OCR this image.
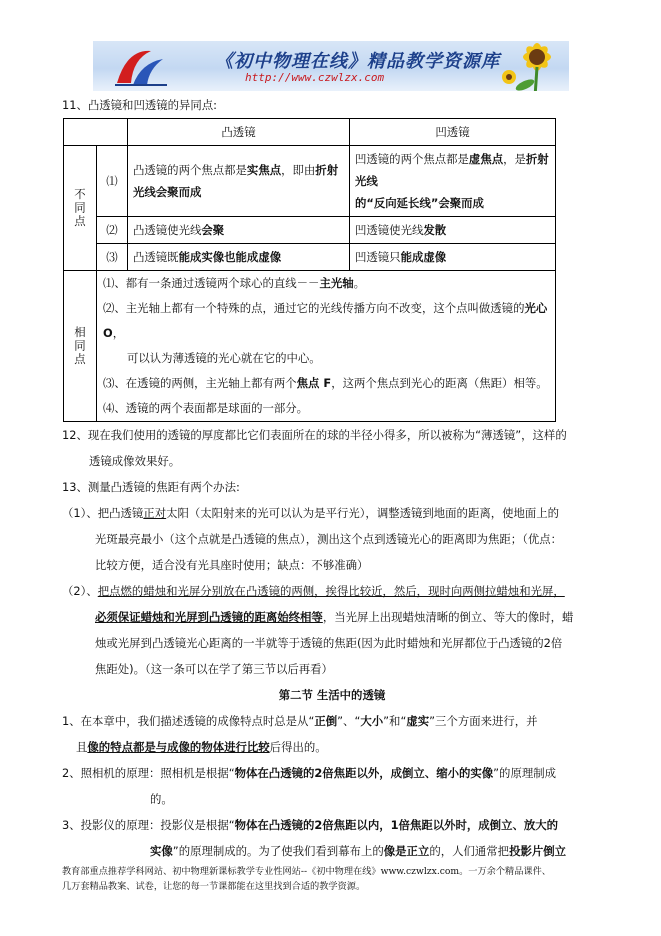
《初中物理在线》精品教学资源库
http://www.czwlzx.com
11、凸透镜和凹透镜的异同点:
		凸透镜	凹透镜
不同点	⑴	凸透镜的两个焦点都是实焦点，即由折射
光线会聚而成	凹透镜的两个焦点都是虚焦点，是折射光线
的“反向延长线”会聚而成
	⑵	凸透镜使光线会聚	凹透镜使光线发散
	⑶	凸透镜既能成实像也能成虚像	凹透镜只能成虚像
相同点	⑴、都有一条通过透镜两个球心的直线－－主光轴。
⑵、主光轴上都有一个特殊的点，通过它的光线传播方向不改变，这个点叫做透镜的光心 O，
可以认为薄透镜的光心就在它的中心。
⑶、在透镜的两侧，主光轴上都有两个焦点 F，这两个焦点到光心的距离（焦距）相等。
⑷、透镜的两个表面都是球面的一部分。		
12、现在我们使用的透镜的厚度都比它们表面所在的球的半径小得多，所以被称为“薄透镜”，这样的
透镜成像效果好。
13、测量凸透镜的焦距有两个办法:
（1）、把凸透镜正对太阳（太阳射来的光可以认为是平行光），调整透镜到地面的距离，使地面上的
光斑最亮最小（这个点就是凸透镜的焦点），测出这个点到透镜光心的距离即为焦距；（优点：
比较方便，适合没有光具座时使用；缺点：不够准确）
（2）、把点燃的蜡烛和光屏分别放在凸透镜的两侧，挨得比较近，然后，现时向两侧拉蜡烛和光屏，
必须保证蜡烛和光屏到凸透镜的距离始终相等，当光屏上出现蜡烛清晰的倒立、等大的像时，蜡
烛或光屏到凸透镜光心距离的一半就等于透镜的焦距(因为此时蜡烛和光屏都位于凸透镜的2倍
焦距处)。（这一条可以在学了第三节以后再看）
第二节 生活中的透镜
1、在本章中，我们描述透镜的成像特点时总是从“正倒”、“大小”和“虚实”三个方面来进行，并
且像的特点都是与成像的物体进行比较后得出的。
2、照相机的原理：照相机是根据“物体在凸透镜的2倍焦距以外，成倒立、缩小的实像”的原理制成
的。
3、投影仪的原理：投影仪是根据“物体在凸透镜的2倍焦距以内，1倍焦距以外时，成倒立、放大的
实像”的原理制成的。为了使我们看到幕布上的像是正立的，人们通常把投影片倒立
教育部重点推荐学科网站、初中物理新课标教学专业性网站--《初中物理在线》www.czwlzx.com。一万余个精品课件、
几万套精品教案、试卷，让您的每一节课都能在这里找到合适的教学资源。
